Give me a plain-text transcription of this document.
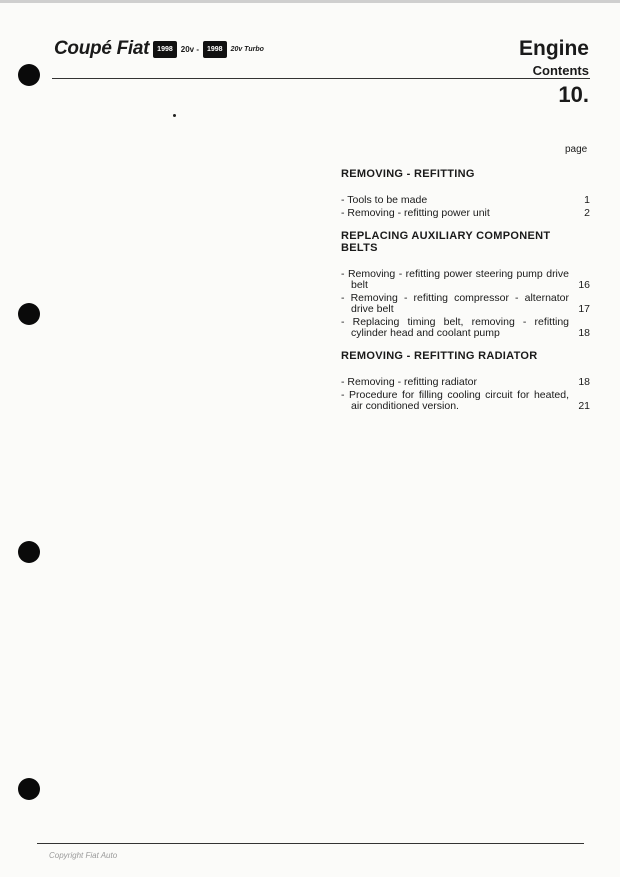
Coupé Fiat	1998	20v -	1998	20v Turbo	Engine
Contents
10.
page
REMOVING - REFITTING
- Tools to be made	1
- Removing - refitting power unit	2
REPLACING AUXILIARY COMPONENT BELTS
- Removing - refitting power steering pump drive belt	16
- Removing - refitting compressor - alternator drive belt	17
- Replacing timing belt, removing - refitting cylinder head and coolant pump	18
REMOVING - REFITTING RADIATOR
- Removing - refitting radiator	18
- Procedure for filling cooling circuit for heated, air conditioned version.	21
Copyright Fiat Auto
